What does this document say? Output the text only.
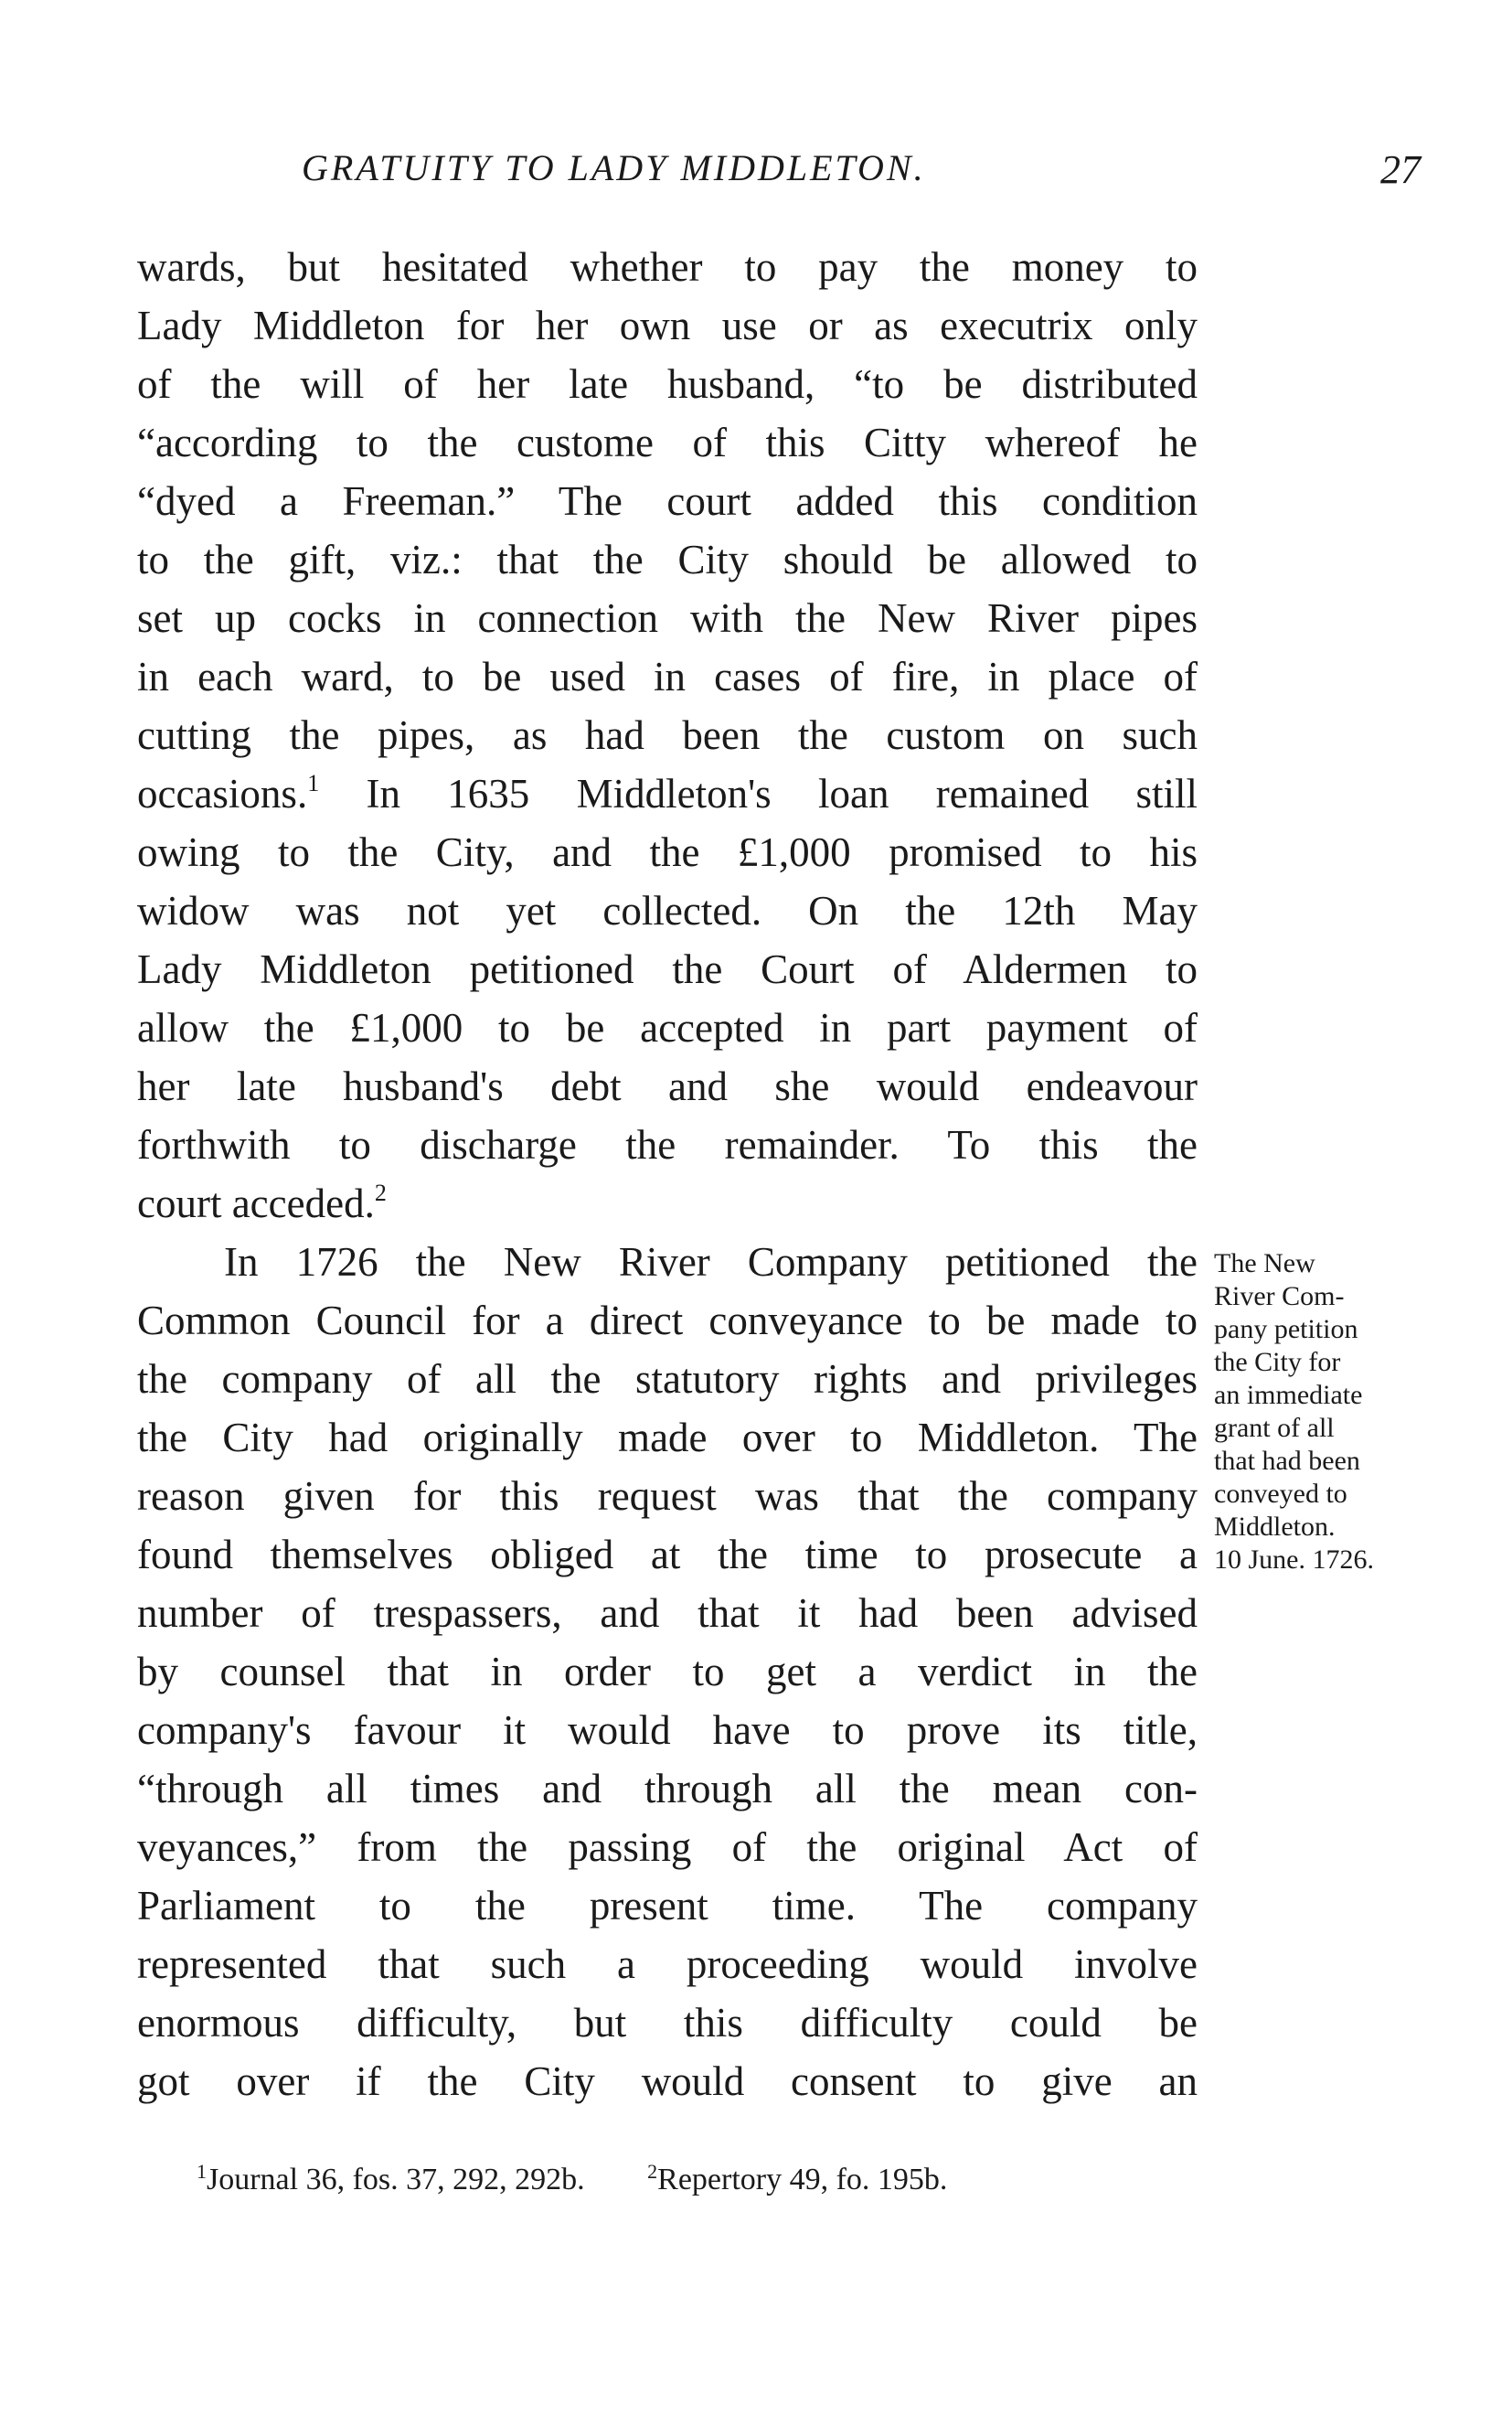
GRATUITY TO LADY MIDDLETON.	27
wards, but hesitated whether to pay the money to
Lady Middleton for her own use or as executrix only
of the will of her late husband, “to be distributed
“according to the custome of this Citty whereof he
“dyed a Freeman.” The court added this condition
to the gift, viz.: that the City should be allowed to
set up cocks in connection with the New River pipes
in each ward, to be used in cases of fire, in place of
cutting the pipes, as had been the custom on such
occasions.$^1$ In 1635 Middleton's loan remained still
owing to the City, and the £1,000 promised to his
widow was not yet collected. On the 12th May
Lady Middleton petitioned the Court of Aldermen to
allow the £1,000 to be accepted in part payment of
her late husband's debt and she would endeavour
forthwith to discharge the remainder. To this the
court acceded.$^2$
In 1726 the New River Company petitioned the
Common Council for a direct conveyance to be made to
the company of all the statutory rights and privileges
the City had originally made over to Middleton. The
reason given for this request was that the company
found themselves obliged at the time to prosecute a
number of trespassers, and that it had been advised
by counsel that in order to get a verdict in the
company's favour it would have to prove its title,
“through all times and through all the mean con-
veyances,” from the passing of the original Act of
Parliament to the present time. The company
represented that such a proceeding would involve
enormous difficulty, but this difficulty could be
got over if the City would consent to give an
The New
River Com-
pany petition
the City for
an immediate
grant of all
that had been
conveyed to
Middleton.
10 June. 1726.
$^1$Journal 36, fos. 37, 292, 292b.	$^2$Repertory 49, fo. 195b.
